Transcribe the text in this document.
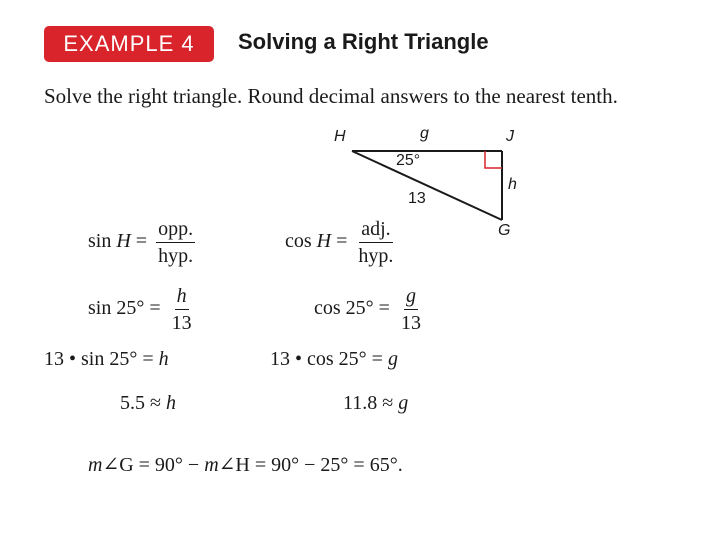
EXAMPLE 4 Solving a Right Triangle
Solve the right triangle. Round decimal answers to the nearest tenth.
H	J
G
g
h
13
25°
$\sin H = \frac{\text{opp.}}{\text{hyp.}}$	$\cos H = \frac{\text{adj.}}{\text{hyp.}}$
$\sin 25^\circ = \frac{h}{13}$	$\cos 25^\circ = \frac{g}{13}$
13 • sin 25° = h	13 • cos 25° = g
5.5 ≈ h	11.8 ≈ g
m∠G = 90° − m∠H = 90° − 25° = 65°.
